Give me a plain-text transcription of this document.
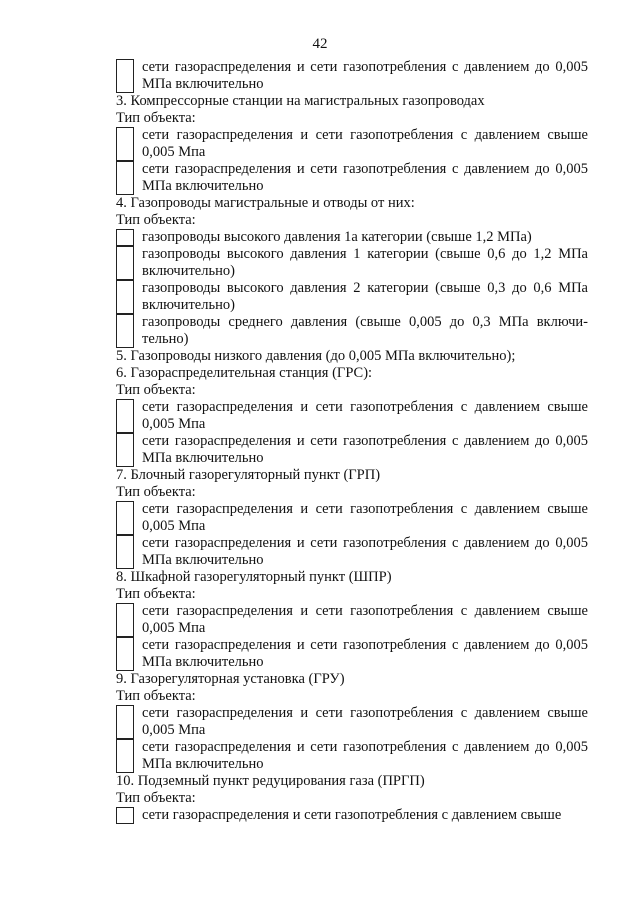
42
сети газораспределения и сети газопотребления с давлением до 0,005
МПа включительно
3. Компрессорные станции на магистральных газопроводах
Тип объекта:
сети газораспределения и сети газопотребления с давлением свыше
0,005 Мпа
сети газораспределения и сети газопотребления с давлением до 0,005
МПа включительно
4. Газопроводы магистральные и отводы от них:
Тип объекта:
газопроводы высокого давления 1а категории (свыше 1,2 МПа)
газопроводы высокого давления 1 категории (свыше 0,6 до 1,2 МПа
включительно)
газопроводы высокого давления 2 категории (свыше 0,3 до 0,6 МПа
включительно)
газопроводы среднего давления (свыше 0,005 до 0,3 МПа включи-
тельно)
5. Газопроводы низкого давления (до 0,005 МПа включительно);
6. Газораспределительная станция (ГРС):
Тип объекта:
сети газораспределения и сети газопотребления с давлением свыше
0,005 Мпа
сети газораспределения и сети газопотребления с давлением до 0,005
МПа включительно
7. Блочный газорегуляторный пункт (ГРП)
Тип объекта:
сети газораспределения и сети газопотребления с давлением свыше
0,005 Мпа
сети газораспределения и сети газопотребления с давлением до 0,005
МПа включительно
8. Шкафной газорегуляторный пункт (ШПР)
Тип объекта:
сети газораспределения и сети газопотребления с давлением свыше
0,005 Мпа
сети газораспределения и сети газопотребления с давлением до 0,005
МПа включительно
9. Газорегуляторная установка (ГРУ)
Тип объекта:
сети газораспределения и сети газопотребления с давлением свыше
0,005 Мпа
сети газораспределения и сети газопотребления с давлением до 0,005
МПа включительно
10. Подземный пункт редуцирования газа (ПРГП)
Тип объекта:
сети газораспределения и сети газопотребления с давлением свыше
